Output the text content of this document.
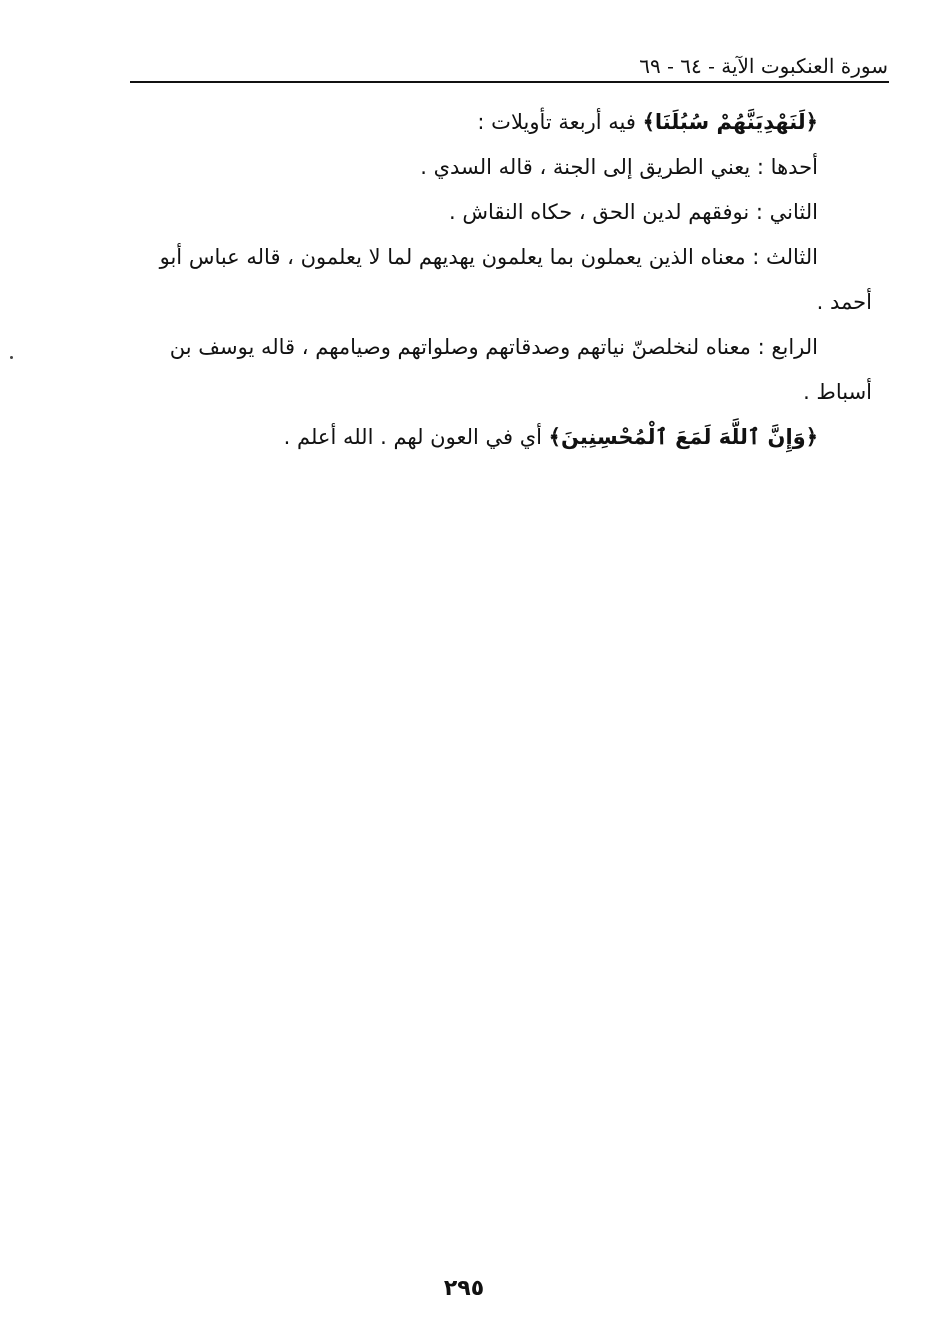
سورة العنكبوت الآية - ٦٤ - ٦٩

﴿لَنَهْدِيَنَّهُمْ سُبُلَنَا﴾ فيه أربعة تأويلات :

أحدها : يعني الطريق إلى الجنة ، قاله السدي .

الثاني : نوفقهم لدين الحق ، حكاه النقاش .

الثالث : معناه الذين يعملون بما يعلمون يهديهم لما لا يعلمون ، قاله عباس أبو
أحمد .

الرابع : معناه لنخلصنّ نياتهم وصدقاتهم وصلواتهم وصيامهم ، قاله يوسف بن
أسباط .

﴿وَإِنَّ ٱللَّهَ لَمَعَ ٱلْمُحْسِنِينَ﴾ أي في العون لهم . الله أعلم .

٢٩٥
